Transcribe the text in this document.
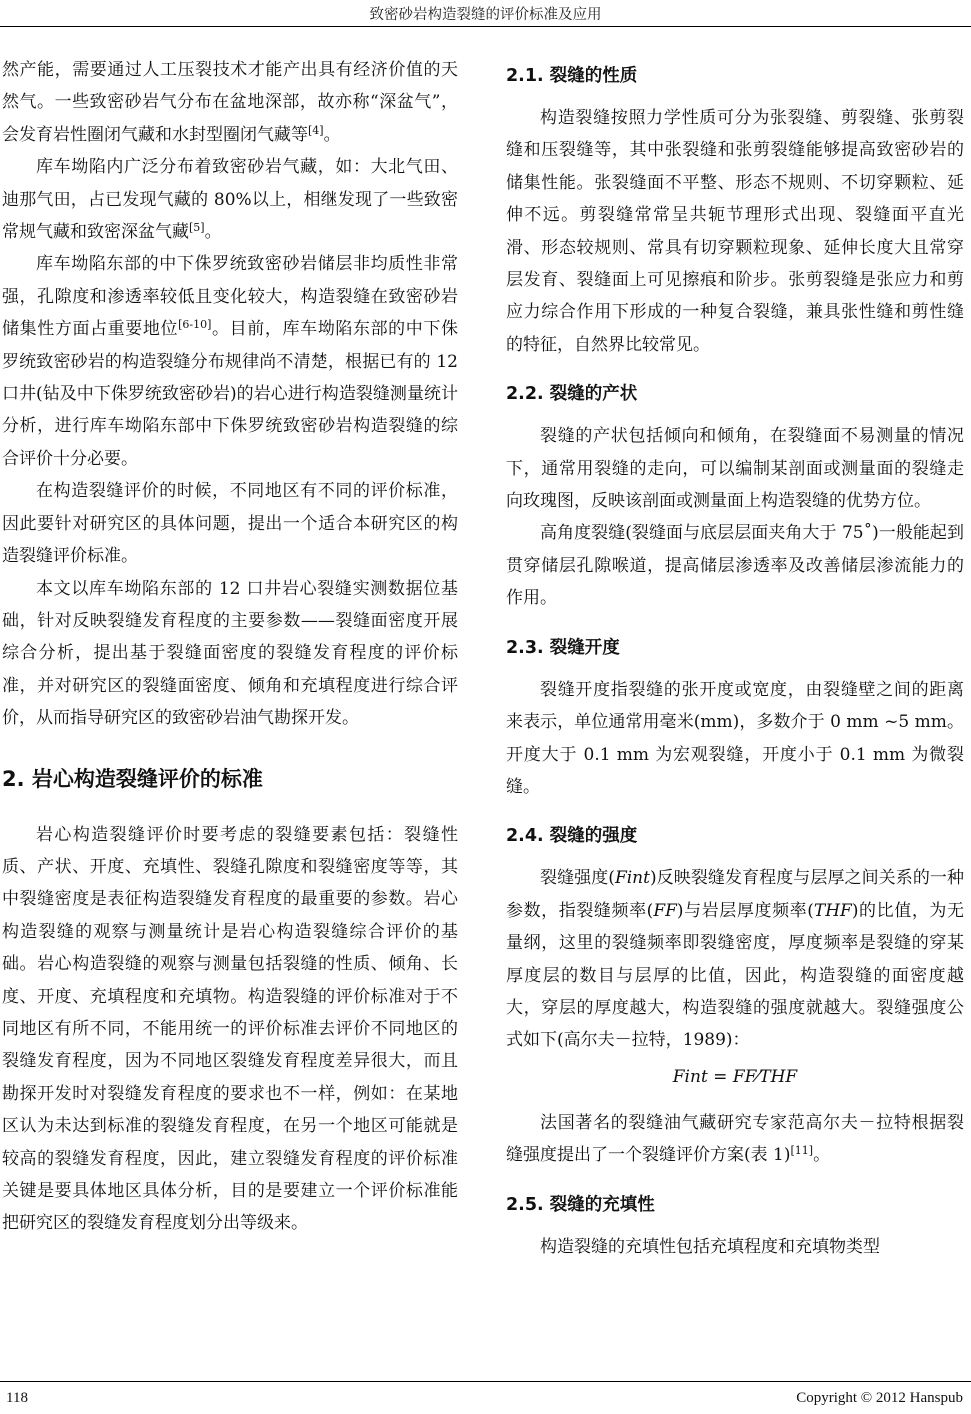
致密砂岩构造裂缝的评价标准及应用

然产能，需要通过人工压裂技术才能产出具有经济价值的天然气。一些致密砂岩气分布在盆地深部，故亦称“深盆气”，会发育岩性圈闭气藏和水封型圈闭气藏等[4]。

库车坳陷内广泛分布着致密砂岩气藏，如：大北气田、迪那气田，占已发现气藏的 80%以上，相继发现了一些致密常规气藏和致密深盆气藏[5]。

库车坳陷东部的中下侏罗统致密砂岩储层非均质性非常强，孔隙度和渗透率较低且变化较大，构造裂缝在致密砂岩储集性方面占重要地位[6-10]。目前，库车坳陷东部的中下侏罗统致密砂岩的构造裂缝分布规律尚不清楚，根据已有的 12 口井(钻及中下侏罗统致密砂岩)的岩心进行构造裂缝测量统计分析，进行库车坳陷东部中下侏罗统致密砂岩构造裂缝的综合评价十分必要。

在构造裂缝评价的时候，不同地区有不同的评价标准，因此要针对研究区的具体问题，提出一个适合本研究区的构造裂缝评价标准。

本文以库车坳陷东部的 12 口井岩心裂缝实测数据位基础，针对反映裂缝发育程度的主要参数——裂缝面密度开展综合分析，提出基于裂缝面密度的裂缝发育程度的评价标准，并对研究区的裂缝面密度、倾角和充填程度进行综合评价，从而指导研究区的致密砂岩油气勘探开发。

2. 岩心构造裂缝评价的标准

岩心构造裂缝评价时要考虑的裂缝要素包括：裂缝性质、产状、开度、充填性、裂缝孔隙度和裂缝密度等等，其中裂缝密度是表征构造裂缝发育程度的最重要的参数。岩心构造裂缝的观察与测量统计是岩心构造裂缝综合评价的基础。岩心构造裂缝的观察与测量包括裂缝的性质、倾角、长度、开度、充填程度和充填物。构造裂缝的评价标准对于不同地区有所不同，不能用统一的评价标准去评价不同地区的裂缝发育程度，因为不同地区裂缝发育程度差异很大，而且勘探开发时对裂缝发育程度的要求也不一样，例如：在某地区认为未达到标准的裂缝发育程度，在另一个地区可能就是较高的裂缝发育程度，因此，建立裂缝发育程度的评价标准关键是要具体地区具体分析，目的是要建立一个评价标准能把研究区的裂缝发育程度划分出等级来。

2.1. 裂缝的性质

构造裂缝按照力学性质可分为张裂缝、剪裂缝、张剪裂缝和压裂缝等，其中张裂缝和张剪裂缝能够提高致密砂岩的储集性能。张裂缝面不平整、形态不规则、不切穿颗粒、延伸不远。剪裂缝常常呈共轭节理形式出现、裂缝面平直光滑、形态较规则、常具有切穿颗粒现象、延伸长度大且常穿层发育、裂缝面上可见擦痕和阶步。张剪裂缝是张应力和剪应力综合作用下形成的一种复合裂缝，兼具张性缝和剪性缝的特征，自然界比较常见。

2.2. 裂缝的产状

裂缝的产状包括倾向和倾角，在裂缝面不易测量的情况下，通常用裂缝的走向，可以编制某剖面或测量面的裂缝走向玫瑰图，反映该剖面或测量面上构造裂缝的优势方位。

高角度裂缝(裂缝面与底层层面夹角大于 75˚)一般能起到贯穿储层孔隙喉道，提高储层渗透率及改善储层渗流能力的作用。

2.3. 裂缝开度

裂缝开度指裂缝的张开度或宽度，由裂缝壁之间的距离来表示，单位通常用毫米(mm)，多数介于 0 mm ~5 mm。开度大于 0.1 mm 为宏观裂缝，开度小于 0.1 mm 为微裂缝。

2.4. 裂缝的强度

裂缝强度(Fint)反映裂缝发育程度与层厚之间关系的一种参数，指裂缝频率(FF)与岩层厚度频率(THF)的比值，为无量纲，这里的裂缝频率即裂缝密度，厚度频率是裂缝的穿某厚度层的数目与层厚的比值，因此，构造裂缝的面密度越大，穿层的厚度越大，构造裂缝的强度就越大。裂缝强度公式如下(高尔夫－拉特，1989)：

Fint = FF⁄THF

法国著名的裂缝油气藏研究专家范高尔夫－拉特根据裂缝强度提出了一个裂缝评价方案(表 1)[11]。

2.5. 裂缝的充填性

构造裂缝的充填性包括充填程度和充填物类型

118	Copyright © 2012 Hanspub
